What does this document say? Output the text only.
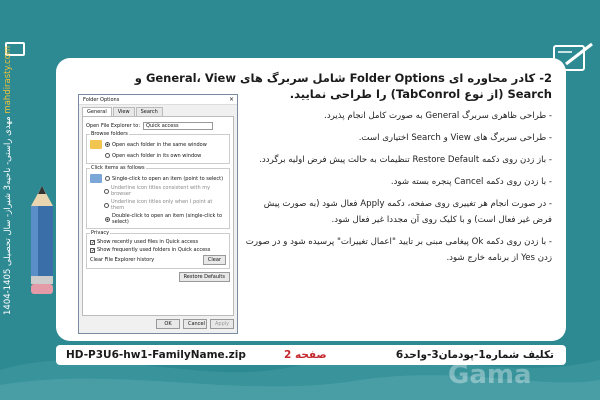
مهدی راستی- ناحیه3 شیراز- سال تحصیلی 1405-1404 mahdirasty.com	2- کادر محاوره ای Folder Options شامل سربرگ های General، View و Search (از نوع TabConrol) را طراحی نمایید.
Folder Options	×
General	View	Search
Open File Explorer to:	Quick access
Browse folders
Open each folder in the same window
Open each folder in its own window
Click items as follows
Single-click to open an item (point to select)
Underline icon titles consistent with my browser
Underline icon titles only when I point at them
Double-click to open an item (single-click to select)
Privacy
✓
Show recently used files in Quick access
✓
Show frequently used folders in Quick access
Clear File Explorer history	Clear
Restore Defaults
OK	Cancel	Apply
- طراحی ظاهری سربرگ General به صورت کامل انجام پذیرد.
- طراحی سربرگ های View و Search اختیاری است.
- باز زدن روی دکمه Restore Default تنظیمات به حالت پیش فرض اولیه برگردد.
- با زدن روی دکمه Cancel پنجره بسته شود.
- در صورت انجام هر تغییری روی صفحه، دکمه Apply فعال شود (به صورت پیش فرض غیر فعال است) و با کلیک روی آن مجددا غیر فعال شود.
- با زدن روی دکمه Ok پیغامی مبنی بر تایید "اعمال تغییرات" پرسیده شود و در صورت زدن Yes از برنامه خارج شود.
HD-P3U6-hw1-FamilyName.zip	صفحه 2	تکلیف شماره1-پودمان3-واحد6
Gama
